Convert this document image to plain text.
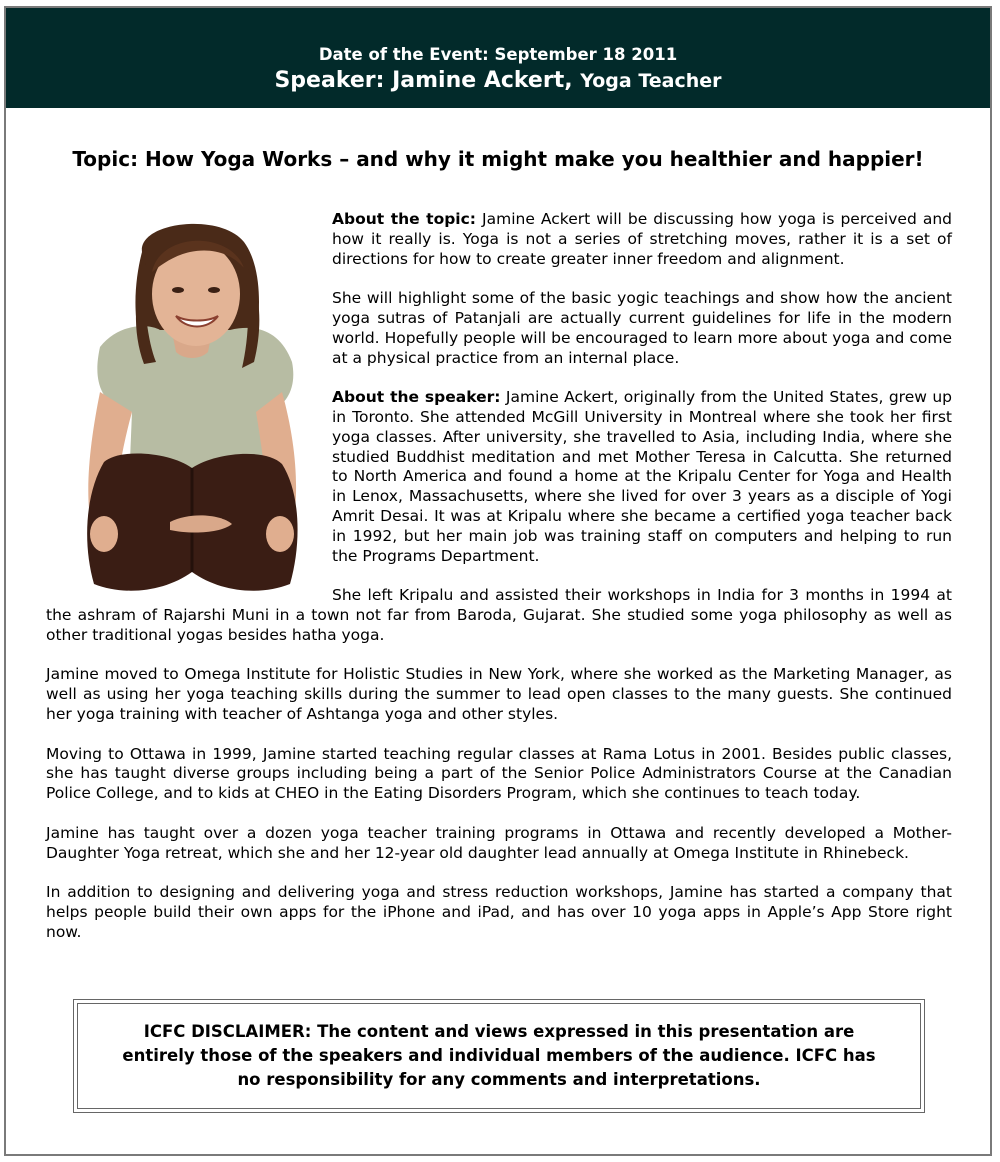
Date of the Event: September 18 2011
Speaker: Jamine Ackert, Yoga Teacher
Topic: How Yoga Works – and why it might make you healthier and happier!

About the topic: Jamine Ackert will be discussing how yoga is perceived and how it really is. Yoga is not a series of stretching moves, rather it is a set of directions for how to create greater inner freedom and alignment.

She will highlight some of the basic yogic teachings and show how the ancient yoga sutras of Patanjali are actually current guidelines for life in the modern world. Hopefully people will be encouraged to learn more about yoga and come at a physical practice from an internal place.

About the speaker: Jamine Ackert, originally from the United States, grew up in Toronto. She attended McGill University in Montreal where she took her first yoga classes. After university, she travelled to Asia, including India, where she studied Buddhist meditation and met Mother Teresa in Calcutta. She returned to North America and found a home at the Kripalu Center for Yoga and Health in Lenox, Massachusetts, where she lived for over 3 years as a disciple of Yogi Amrit Desai. It was at Kripalu where she became a certified yoga teacher back in 1992, but her main job was training staff on computers and helping to run the Programs Department.

She left Kripalu and assisted their workshops in India for 3 months in 1994 at the ashram of Rajarshi Muni in a town not far from Baroda, Gujarat. She studied some yoga philosophy as well as other traditional yogas besides hatha yoga.

Jamine moved to Omega Institute for Holistic Studies in New York, where she worked as the Marketing Manager, as well as using her yoga teaching skills during the summer to lead open classes to the many guests. She continued her yoga training with teacher of Ashtanga yoga and other styles.

Moving to Ottawa in 1999, Jamine started teaching regular classes at Rama Lotus in 2001. Besides public classes, she has taught diverse groups including being a part of the Senior Police Administrators Course at the Canadian Police College, and to kids at CHEO in the Eating Disorders Program, which she continues to teach today.

Jamine has taught over a dozen yoga teacher training programs in Ottawa and recently developed a Mother-Daughter Yoga retreat, which she and her 12-year old daughter lead annually at Omega Institute in Rhinebeck.

In addition to designing and delivering yoga and stress reduction workshops, Jamine has started a company that helps people build their own apps for the iPhone and iPad, and has over 10 yoga apps in Apple’s App Store right now.

ICFC DISCLAIMER: The content and views expressed in this presentation are entirely those of the speakers and individual members of the audience. ICFC has no responsibility for any comments and interpretations.
